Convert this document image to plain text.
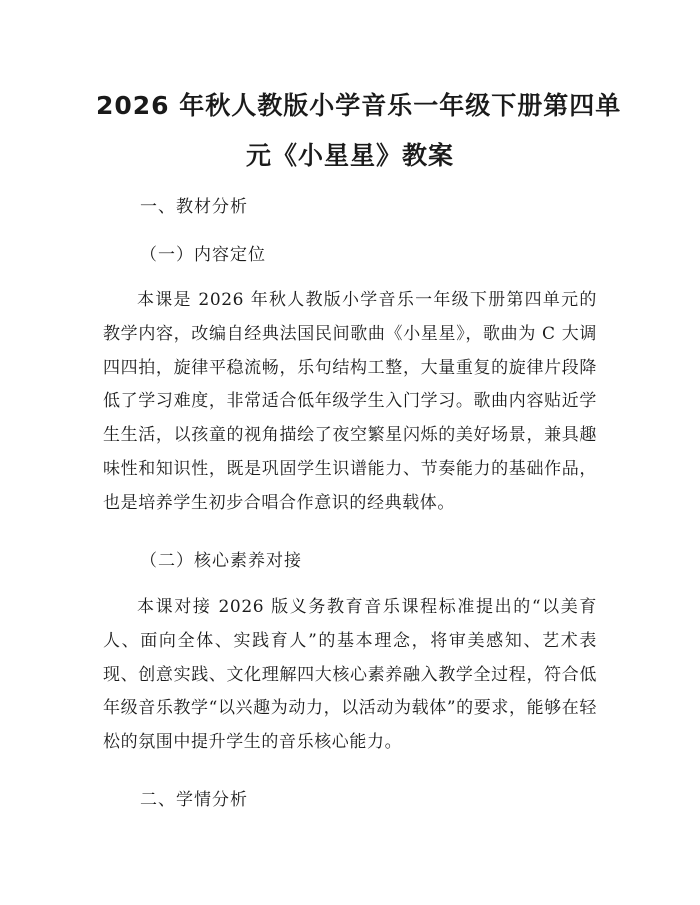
2026 年秋人教版小学音乐一年级下册第四单
元《小星星》教案
一、教材分析
（一）内容定位

本课是 2026 年秋人教版小学音乐一年级下册第四单元的教学内容，改编自经典法国民间歌曲《小星星》，歌曲为 C 大调四四拍，旋律平稳流畅，乐句结构工整，大量重复的旋律片段降低了学习难度，非常适合低年级学生入门学习。歌曲内容贴近学生生活，以孩童的视角描绘了夜空繁星闪烁的美好场景，兼具趣味性和知识性，既是巩固学生识谱能力、节奏能力的基础作品，也是培养学生初步合唱合作意识的经典载体。

（二）核心素养对接

本课对接 2026 版义务教育音乐课程标准提出的“以美育人、面向全体、实践育人”的基本理念，将审美感知、艺术表现、创意实践、文化理解四大核心素养融入教学全过程，符合低年级音乐教学“以兴趣为动力，以活动为载体”的要求，能够在轻松的氛围中提升学生的音乐核心能力。

二、学情分析
